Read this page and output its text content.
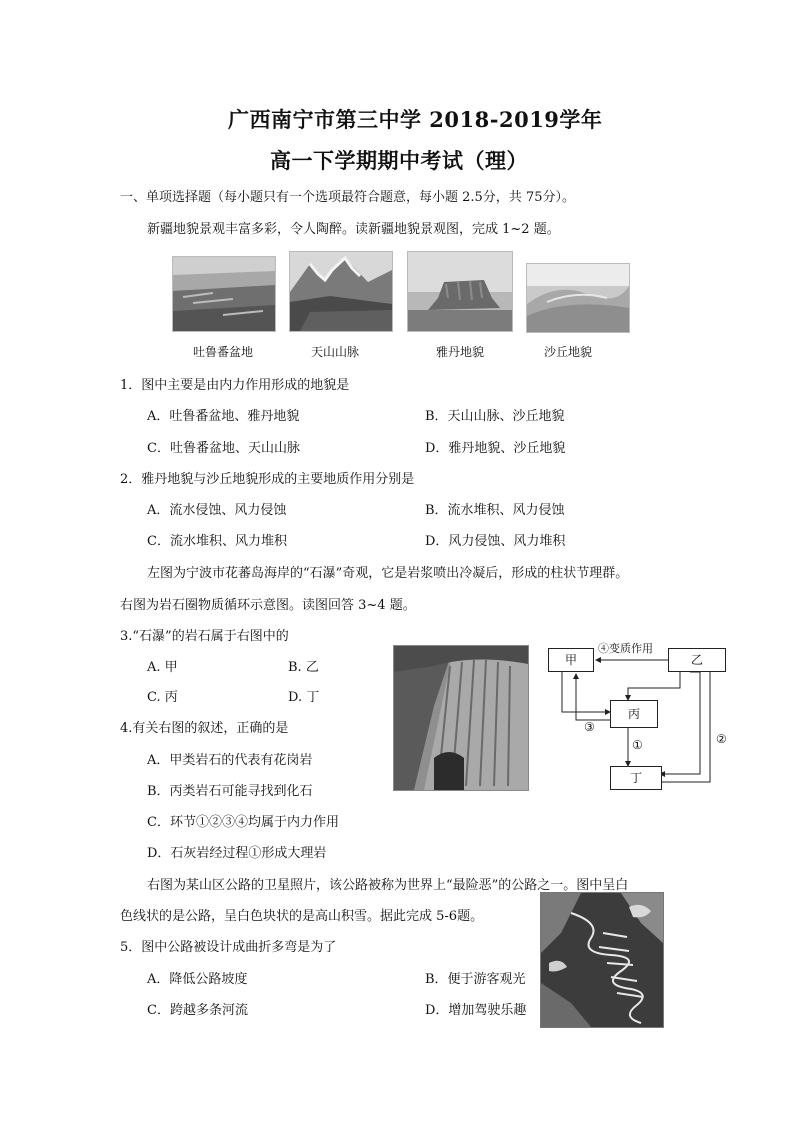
广西南宁市第三中学 2018-2019学年
高一下学期期中考试（理）
一、单项选择题（每小题只有一个选项最符合题意，每小题 2.5分，共 75分）。
新疆地貌景观丰富多彩，令人陶醉。读新疆地貌景观图，完成 1~2 题。
吐鲁番盆地	天山山脉	雅丹地貌	沙丘地貌
1．图中主要是由内力作用形成的地貌是
A．吐鲁番盆地、雅丹地貌	B．天山山脉、沙丘地貌
C．吐鲁番盆地、天山山脉	D．雅丹地貌、沙丘地貌
2．雅丹地貌与沙丘地貌形成的主要地质作用分别是
A．流水侵蚀、风力侵蚀	B．流水堆积、风力侵蚀
C．流水堆积、风力堆积	D．风力侵蚀、风力堆积
左图为宁波市花蕃岛海岸的“石瀑”奇观，它是岩浆喷出冷凝后，形成的柱状节理群。
右图为岩石圈物质循环示意图。读图回答 3~4 题。
3.“石瀑”的岩石属于右图中的
A. 甲	B. 乙
C. 丙	D. 丁
甲	乙
丙
丁
④变质作用
③
①	②
4.有关右图的叙述，正确的是
A．甲类岩石的代表有花岗岩
B．丙类岩石可能寻找到化石
C．环节①②③④均属于内力作用
D．石灰岩经过程①形成大理岩
右图为某山区公路的卫星照片，该公路被称为世界上“最险恶”的公路之一。图中呈白
色线状的是公路，呈白色块状的是高山积雪。据此完成 5-6题。
5．图中公路被设计成曲折多弯是为了
A．降低公路坡度	B．便于游客观光
C．跨越多条河流	D．增加驾驶乐趣
